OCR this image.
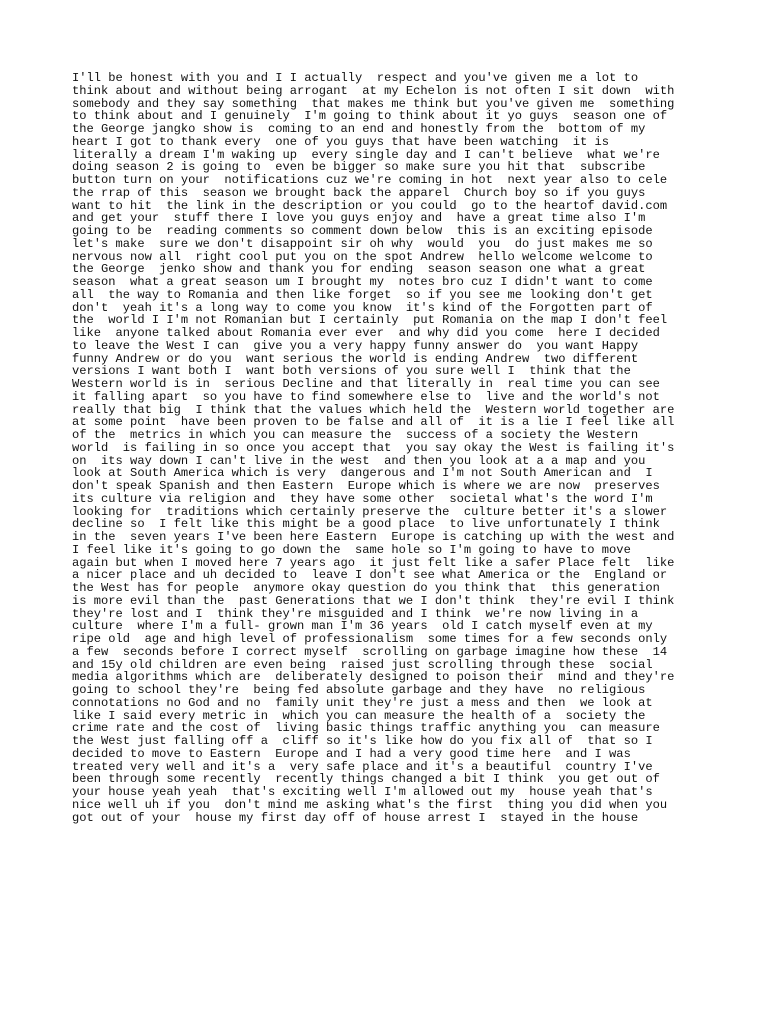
I'll be honest with you and I I actually  respect and you've given me a lot to
think about and without being arrogant  at my Echelon is not often I sit down  with
somebody and they say something  that makes me think but you've given me  something
to think about and I genuinely  I'm going to think about it yo guys  season one of
the George jangko show is  coming to an end and honestly from the  bottom of my
heart I got to thank every  one of you guys that have been watching  it is
literally a dream I'm waking up  every single day and I can't believe  what we're
doing season 2 is going to  even be bigger so make sure you hit that  subscribe
button turn on your  notifications cuz we're coming in hot  next year also to cele
the rrap of this  season we brought back the apparel  Church boy so if you guys
want to hit  the link in the description or you could  go to the heartof david.com
and get your  stuff there I love you guys enjoy and  have a great time also I'm
going to be  reading comments so comment down below  this is an exciting episode
let's make  sure we don't disappoint sir oh why  would  you  do just makes me so
nervous now all  right cool put you on the spot Andrew  hello welcome welcome to
the George  jenko show and thank you for ending  season season one what a great
season  what a great season um I brought my  notes bro cuz I didn't want to come
all  the way to Romania and then like forget  so if you see me looking don't get
don't  yeah it's a long way to come you know  it's kind of the Forgotten part of
the  world I I'm not Romanian but I certainly  put Romania on the map I don't feel
like  anyone talked about Romania ever ever  and why did you come  here I decided
to leave the West I can  give you a very happy funny answer do  you want Happy
funny Andrew or do you  want serious the world is ending Andrew  two different
versions I want both I  want both versions of you sure well I  think that the
Western world is in  serious Decline and that literally in  real time you can see
it falling apart  so you have to find somewhere else to  live and the world's not
really that big  I think that the values which held the  Western world together are
at some point  have been proven to be false and all of  it is a lie I feel like all
of the  metrics in which you can measure the  success of a society the Western
world  is failing in so once you accept that  you say okay the West is failing it's
on  its way down I can't live in the west  and then you look at a a map and you
look at South America which is very  dangerous and I'm not South American and  I
don't speak Spanish and then Eastern  Europe which is where we are now  preserves
its culture via religion and  they have some other  societal what's the word I'm
looking for  traditions which certainly preserve the  culture better it's a slower
decline so  I felt like this might be a good place  to live unfortunately I think
in the  seven years I've been here Eastern  Europe is catching up with the west and
I feel like it's going to go down the  same hole so I'm going to have to move
again but when I moved here 7 years ago  it just felt like a safer Place felt  like
a nicer place and uh decided to  leave I don't see what America or the  England or
the West has for people  anymore okay question do you think that  this generation
is more evil than the  past Generations that we I don't think  they're evil I think
they're lost and I  think they're misguided and I think  we're now living in a
culture  where I'm a full- grown man I'm 36 years  old I catch myself even at my
ripe old  age and high level of professionalism  some times for a few seconds only
a few  seconds before I correct myself  scrolling on garbage imagine how these  14
and 15y old children are even being  raised just scrolling through these  social
media algorithms which are  deliberately designed to poison their  mind and they're
going to school they're  being fed absolute garbage and they have  no religious
connotations no God and no  family unit they're just a mess and then  we look at
like I said every metric in  which you can measure the health of a  society the
crime rate and the cost of  living basic things traffic anything you  can measure
the West just falling off a  cliff so it's like how do you fix all of  that so I
decided to move to Eastern  Europe and I had a very good time here  and I was
treated very well and it's a  very safe place and it's a beautiful  country I've
been through some recently  recently things changed a bit I think  you get out of
your house yeah yeah  that's exciting well I'm allowed out my  house yeah that's
nice well uh if you  don't mind me asking what's the first  thing you did when you
got out of your  house my first day off of house arrest I  stayed in the house
